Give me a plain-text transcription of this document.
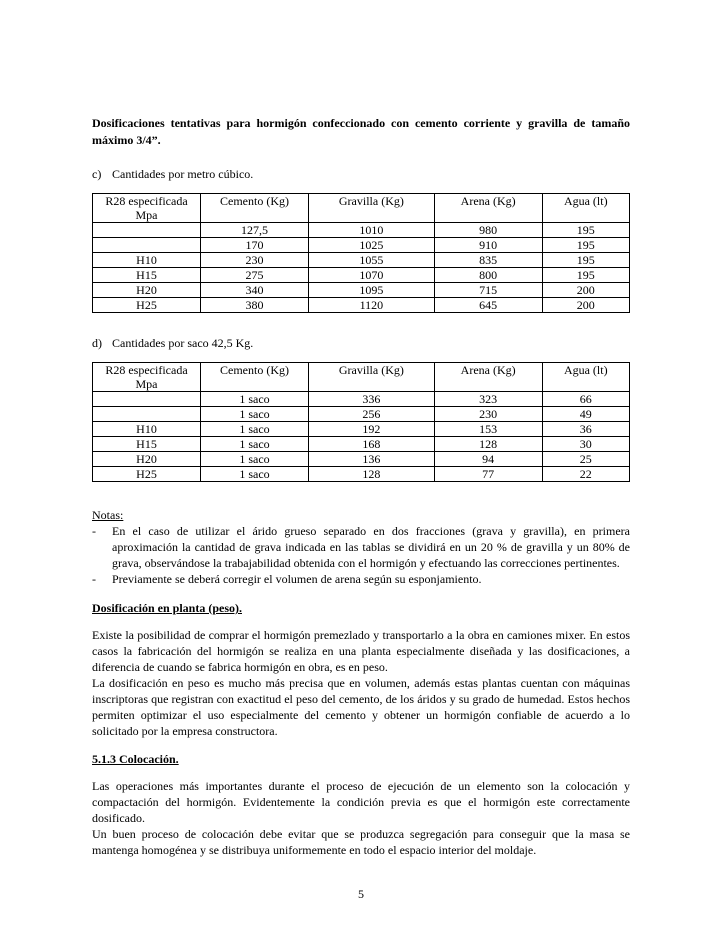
Dosificaciones tentativas para hormigón confeccionado con cemento corriente y gravilla de tamaño máximo 3/4”.
c) Cantidades por metro cúbico.
R28 especificada Mpa	Cemento (Kg)	Gravilla (Kg)	Arena (Kg)	Agua (lt)
	127,5	1010	980	195
	170	1025	910	195
H10	230	1055	835	195
H15	275	1070	800	195
H20	340	1095	715	200
H25	380	1120	645	200
d) Cantidades por saco 42,5 Kg.
R28 especificada Mpa	Cemento (Kg)	Gravilla (Kg)	Arena (Kg)	Agua (lt)
	1 saco	336	323	66
	1 saco	256	230	49
H10	1 saco	192	153	36
H15	1 saco	168	128	30
H20	1 saco	136	94	25
H25	1 saco	128	77	22
Notas:
- En el caso de utilizar el árido grueso separado en dos fracciones (grava y gravilla), en primera aproximación la cantidad de grava indicada en las tablas se dividirá en un 20 % de gravilla y un 80% de grava, observándose la trabajabilidad obtenida con el hormigón y efectuando las correcciones pertinentes.
- Previamente se deberá corregir el volumen de arena según su esponjamiento.
Dosificación en planta (peso).
Existe la posibilidad de comprar el hormigón premezlado y transportarlo a la obra en camiones mixer. En estos casos la fabricación del hormigón se realiza en una planta especialmente diseñada y las dosificaciones, a diferencia de cuando se fabrica hormigón en obra, es en peso.
La dosificación en peso es mucho más precisa que en volumen, además estas plantas cuentan con máquinas inscriptoras que registran con exactitud el peso del cemento, de los áridos y su grado de humedad. Estos hechos permiten optimizar el uso especialmente del cemento y obtener un hormigón confiable de acuerdo a lo solicitado por la empresa constructora.
5.1.3 Colocación.
Las operaciones más importantes durante el proceso de ejecución de un elemento son la colocación y compactación del hormigón. Evidentemente la condición previa es que el hormigón este correctamente dosificado.
Un buen proceso de colocación debe evitar que se produzca segregación para conseguir que la masa se mantenga homogénea y se distribuya uniformemente en todo el espacio interior del moldaje.
5
